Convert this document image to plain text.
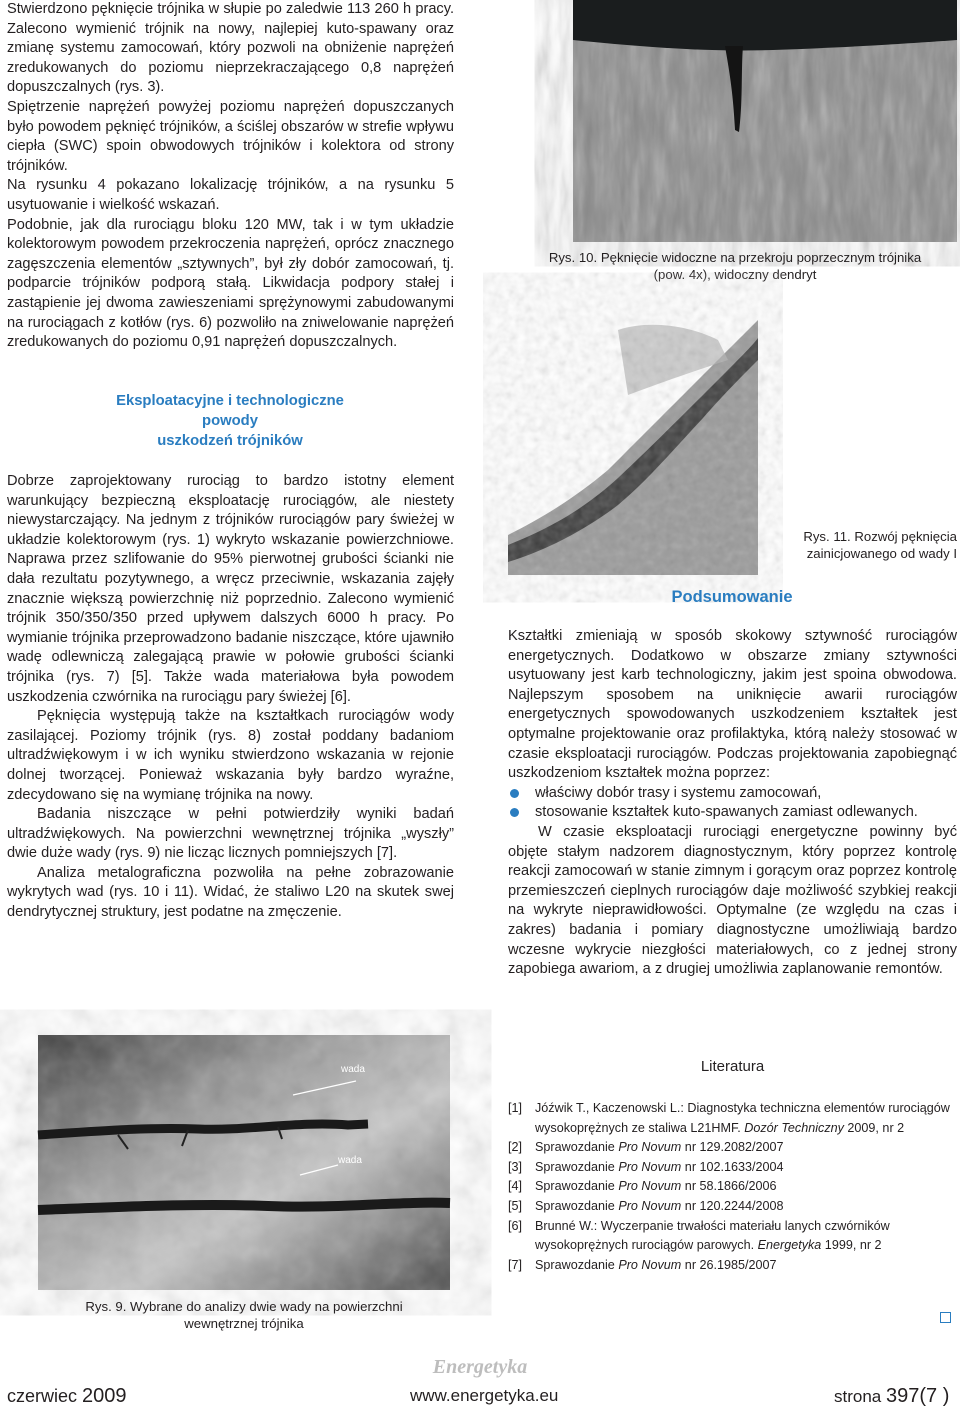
Stwierdzono pęknięcie trójnika w słupie po zaledwie 113 260 h pracy. Zalecono wymienić trójnik na nowy, najlepiej kuto-spawany oraz zmianę systemu zamocowań, który pozwoli na obniżenie naprężeń zredukowanych do poziomu nieprzekraczającego 0,8 naprężeń dopuszczalnych (rys. 3).

Spiętrzenie naprężeń powyżej poziomu naprężeń dopuszczanych było powodem pęknięć trójników, a ściślej obszarów w strefie wpływu ciepła (SWC) spoin obwodowych trójników i kolektora od strony trójników.

Na rysunku 4 pokazano lokalizację trójników, a na rysunku 5 usytuowanie i wielkość wskazań.

Podobnie, jak dla rurociągu bloku 120 MW, tak i w tym układzie kolektorowym powodem przekroczenia naprężeń, oprócz znacznego zagęszczenia elementów „sztywnych”, był zły dobór zamocowań, tj. podparcie trójników podporą stałą. Likwidacja podpory stałej i zastąpienie jej dwoma zawieszeniami sprężynowymi zabudowanymi na rurociągach z kotłów (rys. 6) pozwoliło na zniwelowanie naprężeń zredukowanych do poziomu 0,91 naprężeń dopuszczalnych.

Eksploatacyjne i technologiczne
powody
uszkodzeń trójników

Dobrze zaprojektowany rurociąg to bardzo istotny element warunkujący bezpieczną eksploatację rurociągów, ale niestety niewystarczający. Na jednym z trójników rurociągów pary świeżej w układzie kolektorowym (rys. 1) wykryto wskazanie powierzchniowe. Naprawa przez szlifowanie do 95% pierwotnej grubości ścianki nie dała rezultatu pozytywnego, a wręcz przeciwnie, wskazania zajęły znacznie większą powierzchnię niż poprzednio. Zalecono wymienić trójnik 350/350/350 przed upływem dalszych 6000 h pracy. Po wymianie trójnika przeprowadzono badanie niszczące, które ujawniło wadę odlewniczą zalegającą prawie w połowie grubości ścianki trójnika (rys. 7) [5]. Także wada materiałowa była powodem uszkodzenia czwórnika na rurociągu pary świeżej [6].

Pęknięcia występują także na kształtkach rurociągów wody zasilającej. Poziomy trójnik (rys. 8) został poddany badaniom ultradźwiękowym i w ich wyniku stwierdzono wskazania w rejonie dolnej tworzącej. Ponieważ wskazania były bardzo wyraźne, zdecydowano się na wymianę trójnika na nowy.

Badania niszczące w pełni potwierdziły wyniki badań ultradźwiękowych. Na powierzchni wewnętrznej trójnika „wyszły” dwie duże wady (rys. 9) nie licząc licznych pomniejszych [7].

Analiza metalograficzna pozwoliła na pełne zobrazowanie wykrytych wad (rys. 10 i 11). Widać, że staliwo L20 na skutek swej dendrytycznej struktury, jest podatne na zmęczenie.

wada
wada
Rys. 9. Wybrane do analizy dwie wady na powierzchni
wewnętrznej trójnika
Rys. 10. Pęknięcie widoczne na przekroju poprzecznym trójnika
(pow. 4x), widoczny dendryt
Rys. 11. Rozwój pęknięcia
zainicjowanego od wady I
Podsumowanie

Kształtki zmieniają w sposób skokowy sztywność rurociągów energetycznych. Dodatkowo w obszarze zmiany sztywności usytuowany jest karb technologiczny, jakim jest spoina obwodowa. Najlepszym sposobem na uniknięcie awarii rurociągów energetycznych spowodowanych uszkodzeniem kształtek jest optymalne projektowanie oraz profilaktyka, którą należy stosować w czasie eksploatacji rurociągów. Podczas projektowania zapobiegnąć uszkodzeniom kształtek można poprzez:

właściwy dobór trasy i systemu zamocowań,
stosowanie kształtek kuto-spawanych zamiast odlewanych.

W czasie eksploatacji rurociągi energetyczne powinny być objęte stałym nadzorem diagnostycznym, który poprzez kontrolę reakcji zamocowań w stanie zimnym i gorącym oraz poprzez kontrolę przemieszczeń cieplnych rurociągów daje możliwość szybkiej reakcji na wykryte nieprawidłowości. Optymalne (ze względu na czas i zakres) badania i pomiary diagnostyczne umożliwiają bardzo wczesne wykrycie niezgłości materiałowych, co z jednej strony zapobiega awariom, a z drugiej umożliwia zaplanowanie remontów.

Literatura
[1] Jóźwik T., Kaczenowski L.: Diagnostyka techniczna elementów rurociągów wysokoprężnych ze staliwa L21HMF. Dozór Techniczny 2009, nr 2
[2] Sprawozdanie Pro Novum nr 129.2082/2007
[3] Sprawozdanie Pro Novum nr 102.1633/2004
[4] Sprawozdanie Pro Novum nr 58.1866/2006
[5] Sprawozdanie Pro Novum nr 120.2244/2008
[6] Brunné W.: Wyczerpanie trwałości materiału lanych czwórników wysokoprężnych rurociągów parowych. Energetyka 1999, nr 2
[7] Sprawozdanie Pro Novum nr 26.1985/2007
Energetyka
czerwiec 2009	www.energetyka.eu	strona 397(7 )
